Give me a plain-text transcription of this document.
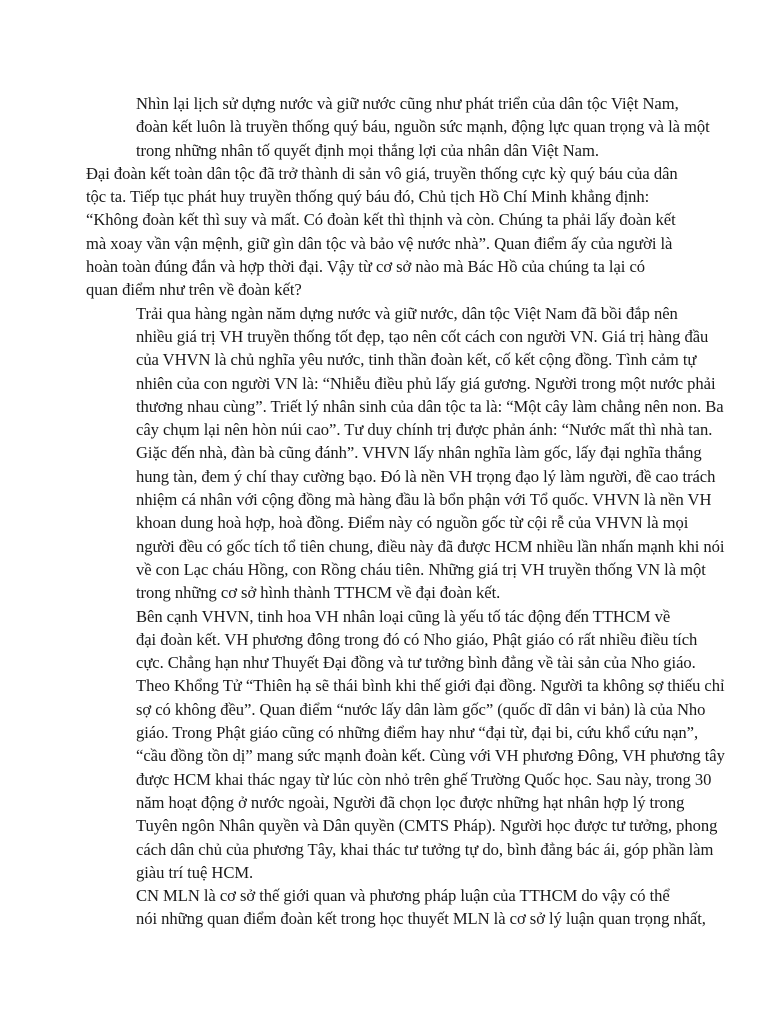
Nhìn lại lịch sử dựng nước và giữ nước cũng như phát triển của dân tộc Việt Nam,
đoàn kết luôn là truyền thống quý báu, nguồn sức mạnh, động lực quan trọng và là một
trong những nhân tố quyết định mọi thắng lợi của nhân dân Việt Nam.

Đại đoàn kết toàn dân tộc đã trở thành di sản vô giá, truyền thống cực kỳ quý báu của dân
tộc ta. Tiếp tục phát huy truyền thống quý báu đó, Chủ tịch Hồ Chí Minh khẳng định:
“Không đoàn kết thì suy và mất. Có đoàn kết thì thịnh và còn. Chúng ta phải lấy đoàn kết
mà xoay vần vận mệnh, giữ gìn dân tộc và bảo vệ nước nhà”. Quan điểm ấy của người là
hoàn toàn đúng đắn và hợp thời đại. Vậy từ cơ sở nào mà Bác Hồ của chúng ta lại có
quan điểm như trên về đoàn kết?

Trải qua hàng ngàn năm dựng nước và giữ nước, dân tộc Việt Nam đã bồi đắp nên
nhiều giá trị VH truyền thống tốt đẹp, tạo nên cốt cách con người VN. Giá trị hàng đầu
của VHVN là chủ nghĩa yêu nước, tinh thần đoàn kết, cố kết cộng đồng. Tình cảm tự
nhiên của con người VN là: “Nhiễu điều phủ lấy giá gương. Người trong một nước phải
thương nhau cùng”. Triết lý nhân sinh của dân tộc ta là: “Một cây làm chẳng nên non. Ba
cây chụm lại nên hòn núi cao”. Tư duy chính trị được phản ánh: “Nước mất thì nhà tan.
Giặc đến nhà, đàn bà cũng đánh”. VHVN lấy nhân nghĩa làm gốc, lấy đại nghĩa thắng
hung tàn, đem ý chí thay cường bạo. Đó là nền VH trọng đạo lý làm người, đề cao trách
nhiệm cá nhân với cộng đồng mà hàng đầu là bổn phận với Tổ quốc. VHVN là nền VH
khoan dung hoà hợp, hoà đồng. Điểm này có nguồn gốc từ cội rễ của VHVN là mọi
người đều có gốc tích tổ tiên chung, điều này đã được HCM nhiều lần nhấn mạnh khi nói
về con Lạc cháu Hồng, con Rồng cháu tiên. Những giá trị VH truyền thống VN là một
trong những cơ sở hình thành TTHCM về đại đoàn kết.

Bên cạnh VHVN, tinh hoa VH nhân loại cũng là yếu tố tác động đến TTHCM về
đại đoàn kết. VH phương đông trong đó có Nho giáo, Phật giáo có rất nhiều điều tích
cực. Chẳng hạn như Thuyết Đại đồng và tư tưởng bình đẳng về tài sản của Nho giáo.
Theo Khổng Tử “Thiên hạ sẽ thái bình khi thế giới đại đồng. Người ta không sợ thiếu chỉ
sợ có không đều”. Quan điểm “nước lấy dân làm gốc” (quốc dĩ dân vi bản) là của Nho
giáo. Trong Phật giáo cũng có những điểm hay như “đại từ, đại bi, cứu khổ cứu nạn”,
“cầu đồng tồn dị” mang sức mạnh đoàn kết. Cùng với VH phương Đông, VH phương tây
được HCM khai thác ngay từ lúc còn nhỏ trên ghế Trường Quốc học. Sau này, trong 30
năm hoạt động ở nước ngoài, Người đã chọn lọc được những hạt nhân hợp lý trong
Tuyên ngôn Nhân quyền và Dân quyền (CMTS Pháp). Người học được tư tưởng, phong
cách dân chủ của phương Tây, khai thác tư tưởng tự do, bình đẳng bác ái, góp phần làm
giàu trí tuệ HCM.

CN MLN là cơ sở thế giới quan và phương pháp luận của TTHCM do vậy có thể
nói những quan điểm đoàn kết trong học thuyết MLN là cơ sở lý luận quan trọng nhất,
